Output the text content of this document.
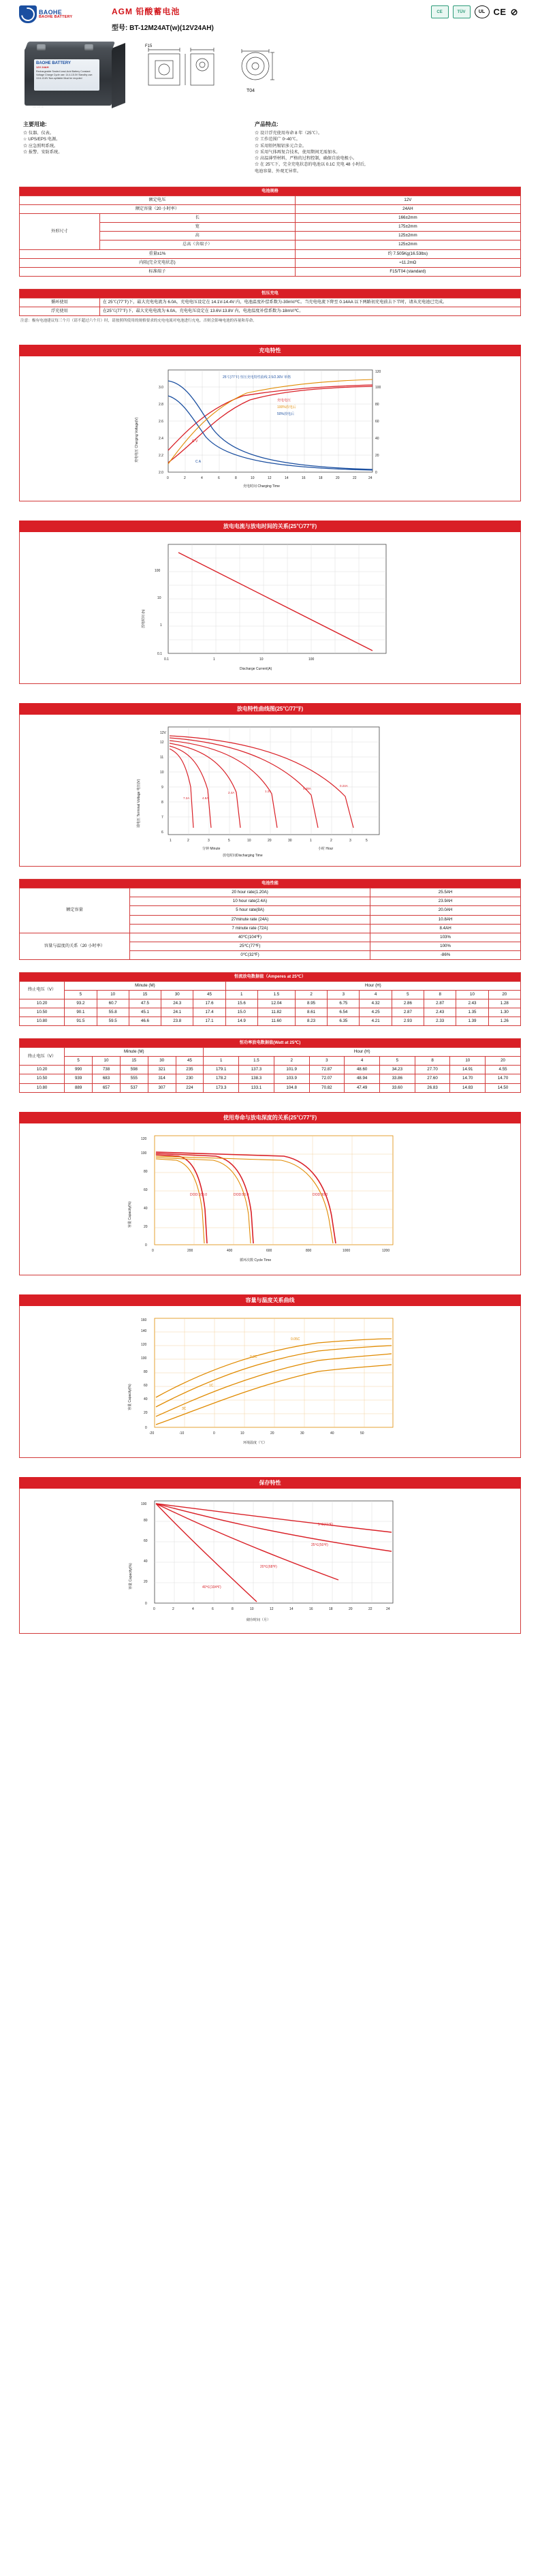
BAOHE
BAOHE BATTERY
AGM 铅酸蓄电池
型号: BT-12M24AT(w)(12V24AH)
CE	TÜV	UL CE ⊘
BAOHE BATTERY
12V 24AH
Rechargeable Sealed Lead-Acid Battery Constant Voltage Charge Cycle use: 14.4-15.0V Standby use: 13.6-13.8V Non-spillable Must be recycled
UL CE ⊘
F15
T04
主要用途:
☆ 仪器、仪表。
☆ UPS/EPS 电源。
☆ 应急照明系统。
☆ 报警、安防系统。
产品特点:
☆ 设计浮充使用寿命 8 年（25℃）。
☆ 工作范围广 0~40℃。
☆ 采用铅钙锡铝多元合金。
☆ 采用气体再复合技术，使用期间无需加水。
☆ 高温薄型材料，严格的过程控制，确保自放电极小。
☆ 在 25℃下，完全充电状态的电池以 0.1C 充电 48 小时后，
电池容量、外观无异常。
电池规格		
额定电压		12V
额定容量（20 小时率）		24AH
外形尺寸	长	166±2mm
	宽	175±2mm
	高	125±2mm
	总高（含端子）	125±2mm
重量±1%		约 7.505Kg(16.53lbs)
内阻(完全充电状态)		≈11.2mΩ
标准端子		F15/T04 (standard)
恒压充电	
循环使用	在 25℃(77℉)下，最大充电电流为 6.0A，充电电压设定在 14.1V-14.4V 内，电池温度补偿系数为-30mV/℃。当充电电流下降至 0.14AA 以下两路初充电前去下半时，请从充电池已完成。
浮充使用	在25℃(77℉)下，最大充电电流为 6.0A，充电电压设定在 13.6V-13.8V 内，电池温度补偿系数为-18mV/℃。
注意：极有电池建议每三个月（请不超过六个月）时，请按照所使用的规格要求的充电电流对电池进行充电。否则会影响电池的容量和寿命。
充电特性
0	2	4	6	8	10	12	14	16	18	20	22	24
2.0
2.2
2.4
2.6
2.8
3.0
0
20
40
60
80
100
120
充电时间 Charging Time
25℃(77℉) 恒压充电特性曲线 2.5/2.30V 单格
充电电压
100%放电后
50%放电后
C V
C A
充电电压 Charging Voltage(V)
放电电流与放电时间的关系(25℃/77℉)
0.1	1	10	100
0.1
1
10
100
Discharge Current(A)
放电时间 (h)
放电特性曲线图(25℃/77℉)
7.2A	4.8A
2.4A	1.2A
0.48A
0.24A
12V
12
11
10
9
8
7
6
1	2	3	5	10	20	30	1	2	3	5
分钟 Minute	小时 Hour
放电时间Discharging Time
端电压 Terminal Voltage 电压(V)
电池性能		
额定容量	20 hour rate(1.20A)	25.5AH
	10 hour rate(2.4A)	23.9AH
	5 hour rate(8A)	20.0AH
	27minute rate (24A)	10.8AH
	7 minute rate (72A)	8.4AH
容量与温度的关系（20 小时率）	40℃(104℉)	103%
	25℃(77℉)	100%
	0℃(32℉)	-86%
恒流放电数据值（Amperes at 25℃）														
终止电压（V）	Minute (M)					Hour (H)								
	5	10	15	30	45	1	1.5	2	3	4	5	8	10	20
10.20	93.2	60.7	47.5	24.3	17.6	15.6	12.04	8.95	6.75	4.32	2.86	2.87	2.43	1.28
10.50	90.1	55.8	45.1	24.1	17.4	15.0	11.82	8.61	6.54	4.25	2.87	2.43	1.35	1.30
10.80	91.5	59.5	46.6	23.8	17.1	14.9	11.60	8.23	6.35	4.21	2.93	2.33	1.39	1.26
恒功率放电数据值(Watt at 25℃)														
终止电压（V）	Minute (M)					Hour (H)								
	5	10	15	30	45	1	1.5	2	3	4	5	8	10	20
10.20	990	738	598	321	235	179.1	137.3	101.9	72.87	48.60	34.23	27.70	14.91	4.55
10.50	939	683	555	314	230	178.2	138.3	103.9	72.07	48.94	33.86	27.60	14.70	14.70
10.80	889	657	537	307	224	173.3	133.1	104.8	70.82	47.49	33.60	26.83	14.83	14.50
使用寿命与放电深度的关系(25℃/77℉)
DOD:100.0	DOD:50.0	DOD:30.0
0	200	400	600	800	1000	1200
0
20
40
60
80
100
120
循环次数 Cycle Time
容量 Capacity(%)
容量与温度关系曲线
0.05C
0.2C
1C
3C
-20	-10	0	10	20	30	40	50
0
20
40
60
80
100
120
140
160
环境温度（℃）
容量 Capacity(%)
保存特性
5℃(41℉)
25℃(50℉)
20℃(68℉)
40℃(104℉)
0	2	4	6	8	10	12	14	16	18	20	22	24
0
20
40
60
80
100
储存时间（月）
容量 Capacity(%)
